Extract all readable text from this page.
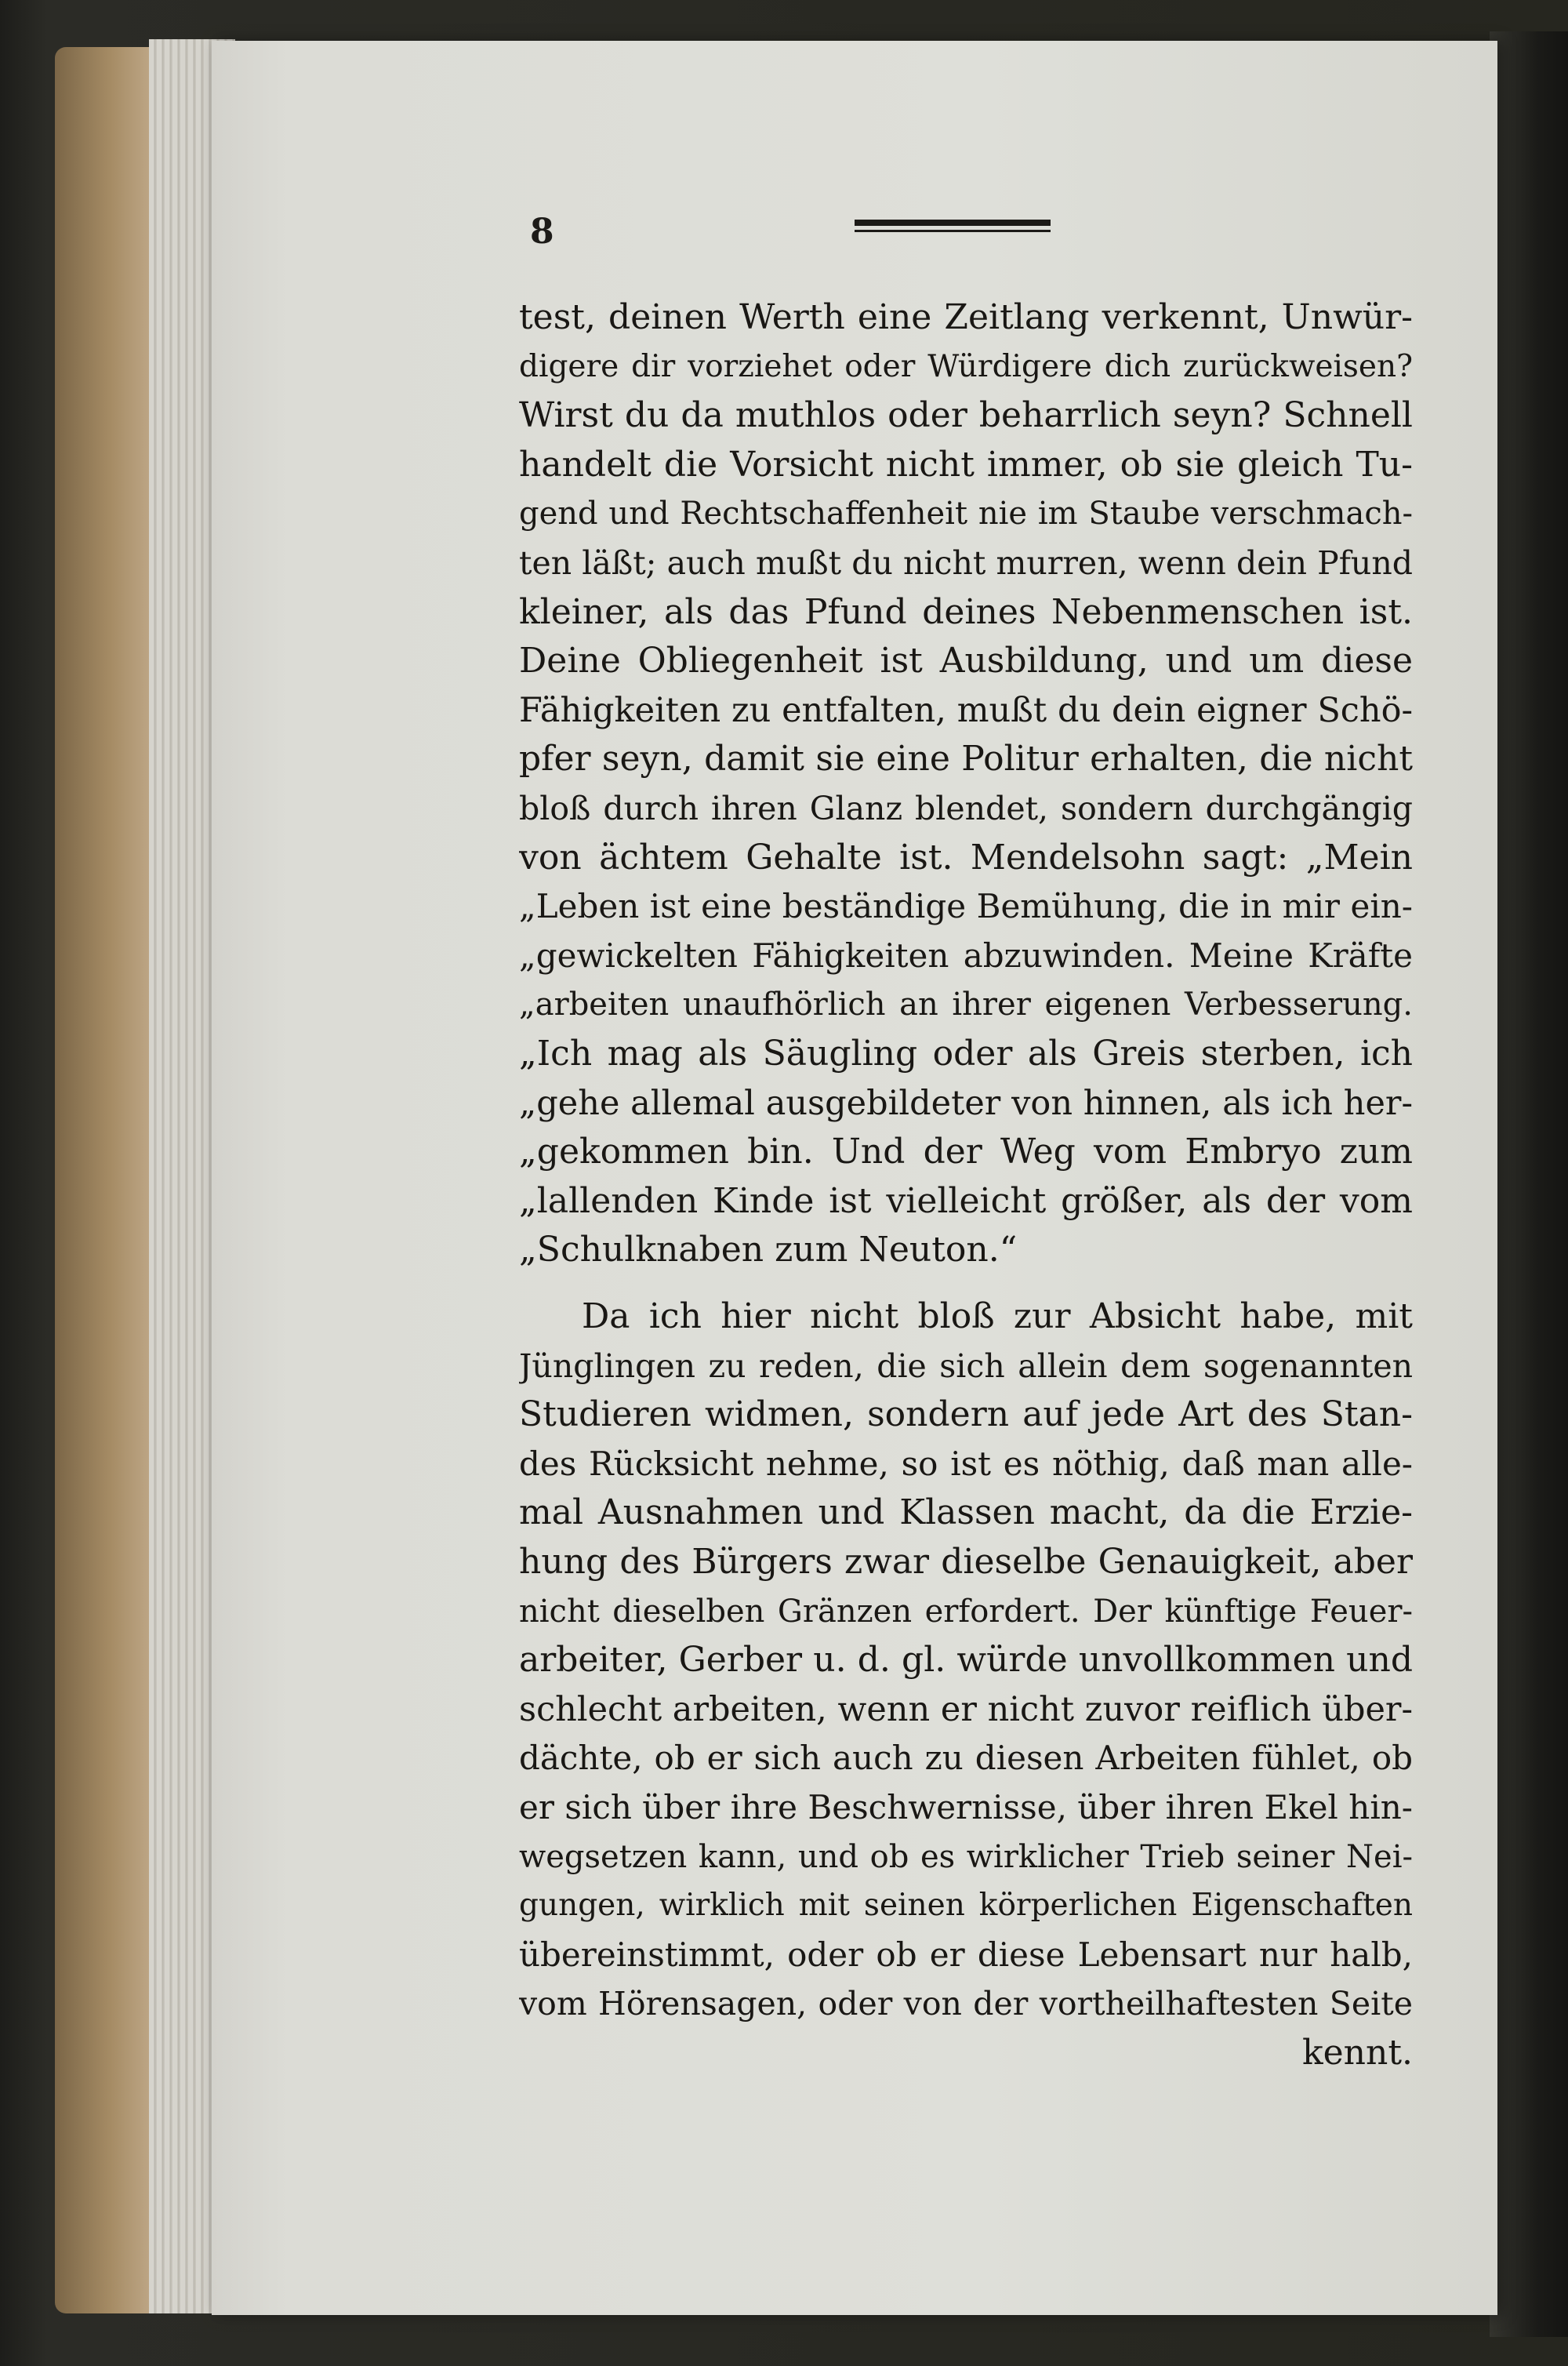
8

test, deinen Werth eine Zeitlang verkennt, Unwür-
digere dir vorziehet oder Würdigere dich zurückweisen?
Wirst du da muthlos oder beharrlich seyn? Schnell
handelt die Vorsicht nicht immer, ob sie gleich Tu-
gend und Rechtschaffenheit nie im Staube verschmach-
ten läßt; auch mußt du nicht murren, wenn dein Pfund
kleiner, als das Pfund deines Nebenmenschen ist.
Deine Obliegenheit ist Ausbildung, und um diese
Fähigkeiten zu entfalten, mußt du dein eigner Schö-
pfer seyn, damit sie eine Politur erhalten, die nicht
bloß durch ihren Glanz blendet, sondern durchgängig
von ächtem Gehalte ist. Mendelsohn sagt: „Mein
„Leben ist eine beständige Bemühung, die in mir ein-
„gewickelten Fähigkeiten abzuwinden. Meine Kräfte
„arbeiten unaufhörlich an ihrer eigenen Verbesserung.
„Ich mag als Säugling oder als Greis sterben, ich
„gehe allemal ausgebildeter von hinnen, als ich her-
„gekommen bin. Und der Weg vom Embryo zum
„lallenden Kinde ist vielleicht größer, als der vom
„Schulknaben zum Neuton.“
Da ich hier nicht bloß zur Absicht habe, mit
Jünglingen zu reden, die sich allein dem sogenannten
Studieren widmen, sondern auf jede Art des Stan-
des Rücksicht nehme, so ist es nöthig, daß man alle-
mal Ausnahmen und Klassen macht, da die Erzie-
hung des Bürgers zwar dieselbe Genauigkeit, aber
nicht dieselben Gränzen erfordert. Der künftige Feuer-
arbeiter, Gerber u. d. gl. würde unvollkommen und
schlecht arbeiten, wenn er nicht zuvor reiflich über-
dächte, ob er sich auch zu diesen Arbeiten fühlet, ob
er sich über ihre Beschwernisse, über ihren Ekel hin-
wegsetzen kann, und ob es wirklicher Trieb seiner Nei-
gungen, wirklich mit seinen körperlichen Eigenschaften
übereinstimmt, oder ob er diese Lebensart nur halb,
vom Hörensagen, oder von der vortheilhaftesten Seite
kennt.
